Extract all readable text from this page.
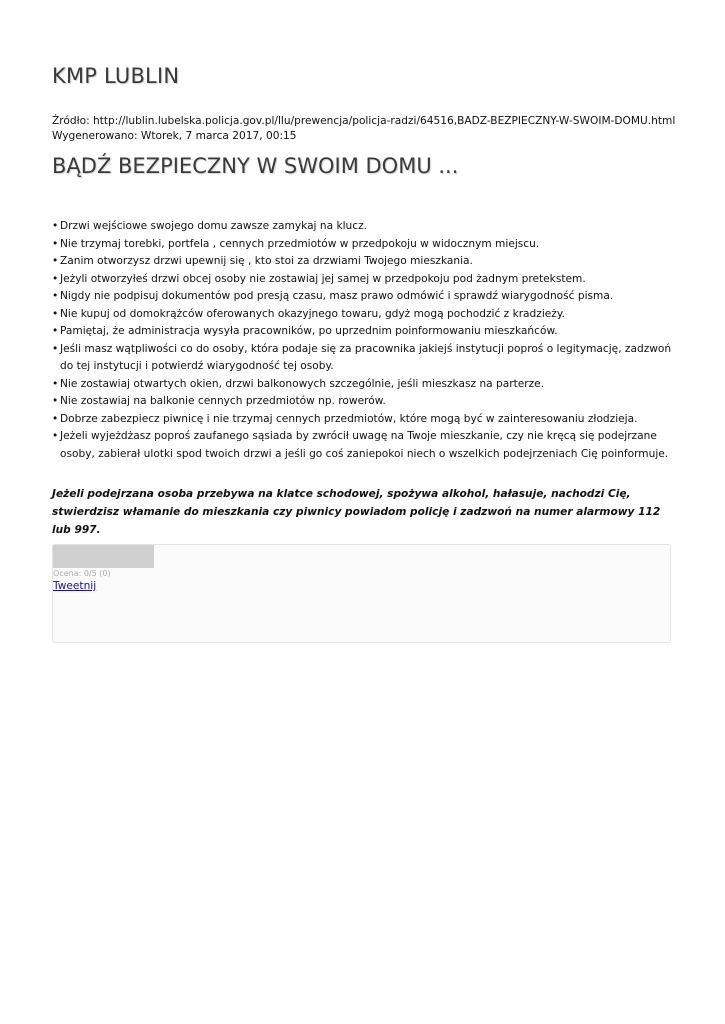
KMP LUBLIN
Źródło: http://lublin.lubelska.policja.gov.pl/llu/prewencja/policja-radzi/64516,BADZ-BEZPIECZNY-W-SWOIM-DOMU.html
Wygenerowano: Wtorek, 7 marca 2017, 00:15
BĄDŹ BEZPIECZNY W SWOIM DOMU ...
• Drzwi wejściowe swojego domu zawsze zamykaj na klucz.
• Nie trzymaj torebki, portfela , cennych przedmiotów w przedpokoju w widocznym miejscu.
• Zanim otworzysz drzwi upewnij się , kto stoi za drzwiami Twojego mieszkania.
• Jeżyli otworzyłeś drzwi obcej osoby nie zostawiaj jej samej w przedpokoju pod żadnym pretekstem.
• Nigdy nie podpisuj dokumentów pod presją czasu, masz prawo odmówić i sprawdź wiarygodność pisma.
• Nie kupuj od domokrążców oferowanych okazyjnego towaru, gdyż mogą pochodzić z kradzieży.
• Pamiętaj, że administracja wysyła pracowników, po uprzednim poinformowaniu mieszkańców.
• Jeśli masz wątpliwości co do osoby, która podaje się za pracownika jakiejś instytucji poproś o legitymację, zadzwoń do tej instytucji i potwierdź wiarygodność tej osoby.
• Nie zostawiaj otwartych okien, drzwi balkonowych szczególnie, jeśli mieszkasz na parterze.
• Nie zostawiaj na balkonie cennych przedmiotów np. rowerów.
• Dobrze zabezpiecz piwnicę i nie trzymaj cennych przedmiotów, które mogą być w zainteresowaniu złodzieja.
• Jeżeli wyjeżdżasz poproś zaufanego sąsiada by zwrócił uwagę na Twoje mieszkanie, czy nie kręcą się podejrzane osoby, zabierał ulotki spod twoich drzwi a jeśli go coś zaniepokoi niech o wszelkich podejrzeniach Cię poinformuje.

Jeżeli podejrzana osoba przebywa na klatce schodowej, spożywa alkohol, hałasuje, nachodzi Cię, stwierdzisz włamanie do mieszkania czy piwnicy powiadom policję i zadzwoń na numer alarmowy 112 lub 997.

Ocena: 0/5 (0)
Tweetnij
